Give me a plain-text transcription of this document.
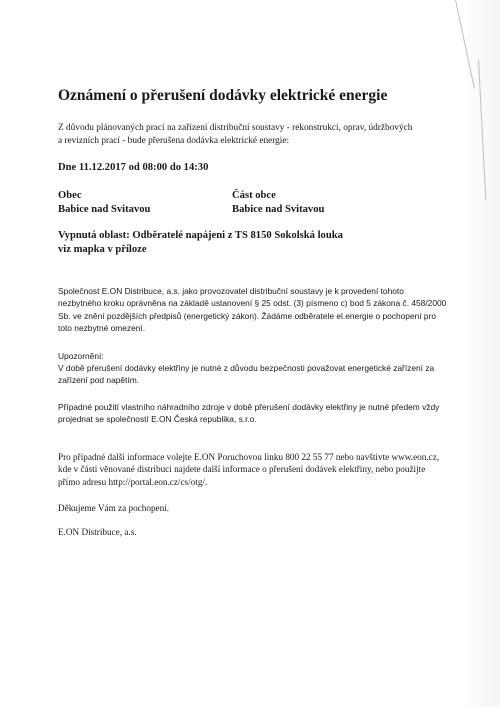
Oznámení o přerušení dodávky elektrické energie

Z důvodu plánovaných prací na zařízení distribuční soustavy - rekonstrukcí, oprav, údržbových
a revizních prací - bude přerušena dodávka elektrické energie:

Dne 11.12.2017 od 08:00 do 14:30

Obec
Babice nad Svitavou
Část obce
Babice nad Svitavou

Vypnutá oblast: Odběratelé napájeni z TS 8150 Sokolská louka
viz mapka v příloze

Společnost E.ON Distribuce, a.s. jako provozovatel distribuční soustavy je k provedení tohoto
nezbytného kroku oprávněna na základě ustanovení § 25 odst. (3) písmeno c) bod 5 zákona č. 458/2000
Sb. ve znění pozdějších předpisů (energetický zákon). Žádáme odběratele el.energie o pochopení pro
toto nezbytné omezení.

Upozornění:
V době přerušení dodávky elektřiny je nutné z důvodu bezpečnosti považovat energetické zařízení za
zařízení pod napětím.

Případné použití vlastního náhradního zdroje v době přerušení dodávky elektřiny je nutné předem vždy
projednat se společností E.ON Česká republika, s.r.o.

Pro případné další informace volejte E.ON Poruchovou linku 800 22 55 77 nebo navštivte www.eon.cz,
kde v části věnované distribuci najdete další informace o přerušení dodávek elektřiny, nebo použijte
přímo adresu http://portal.eon.cz/cs/otg/.

Děkujeme Vám za pochopení.

E.ON Distribuce, a.s.
